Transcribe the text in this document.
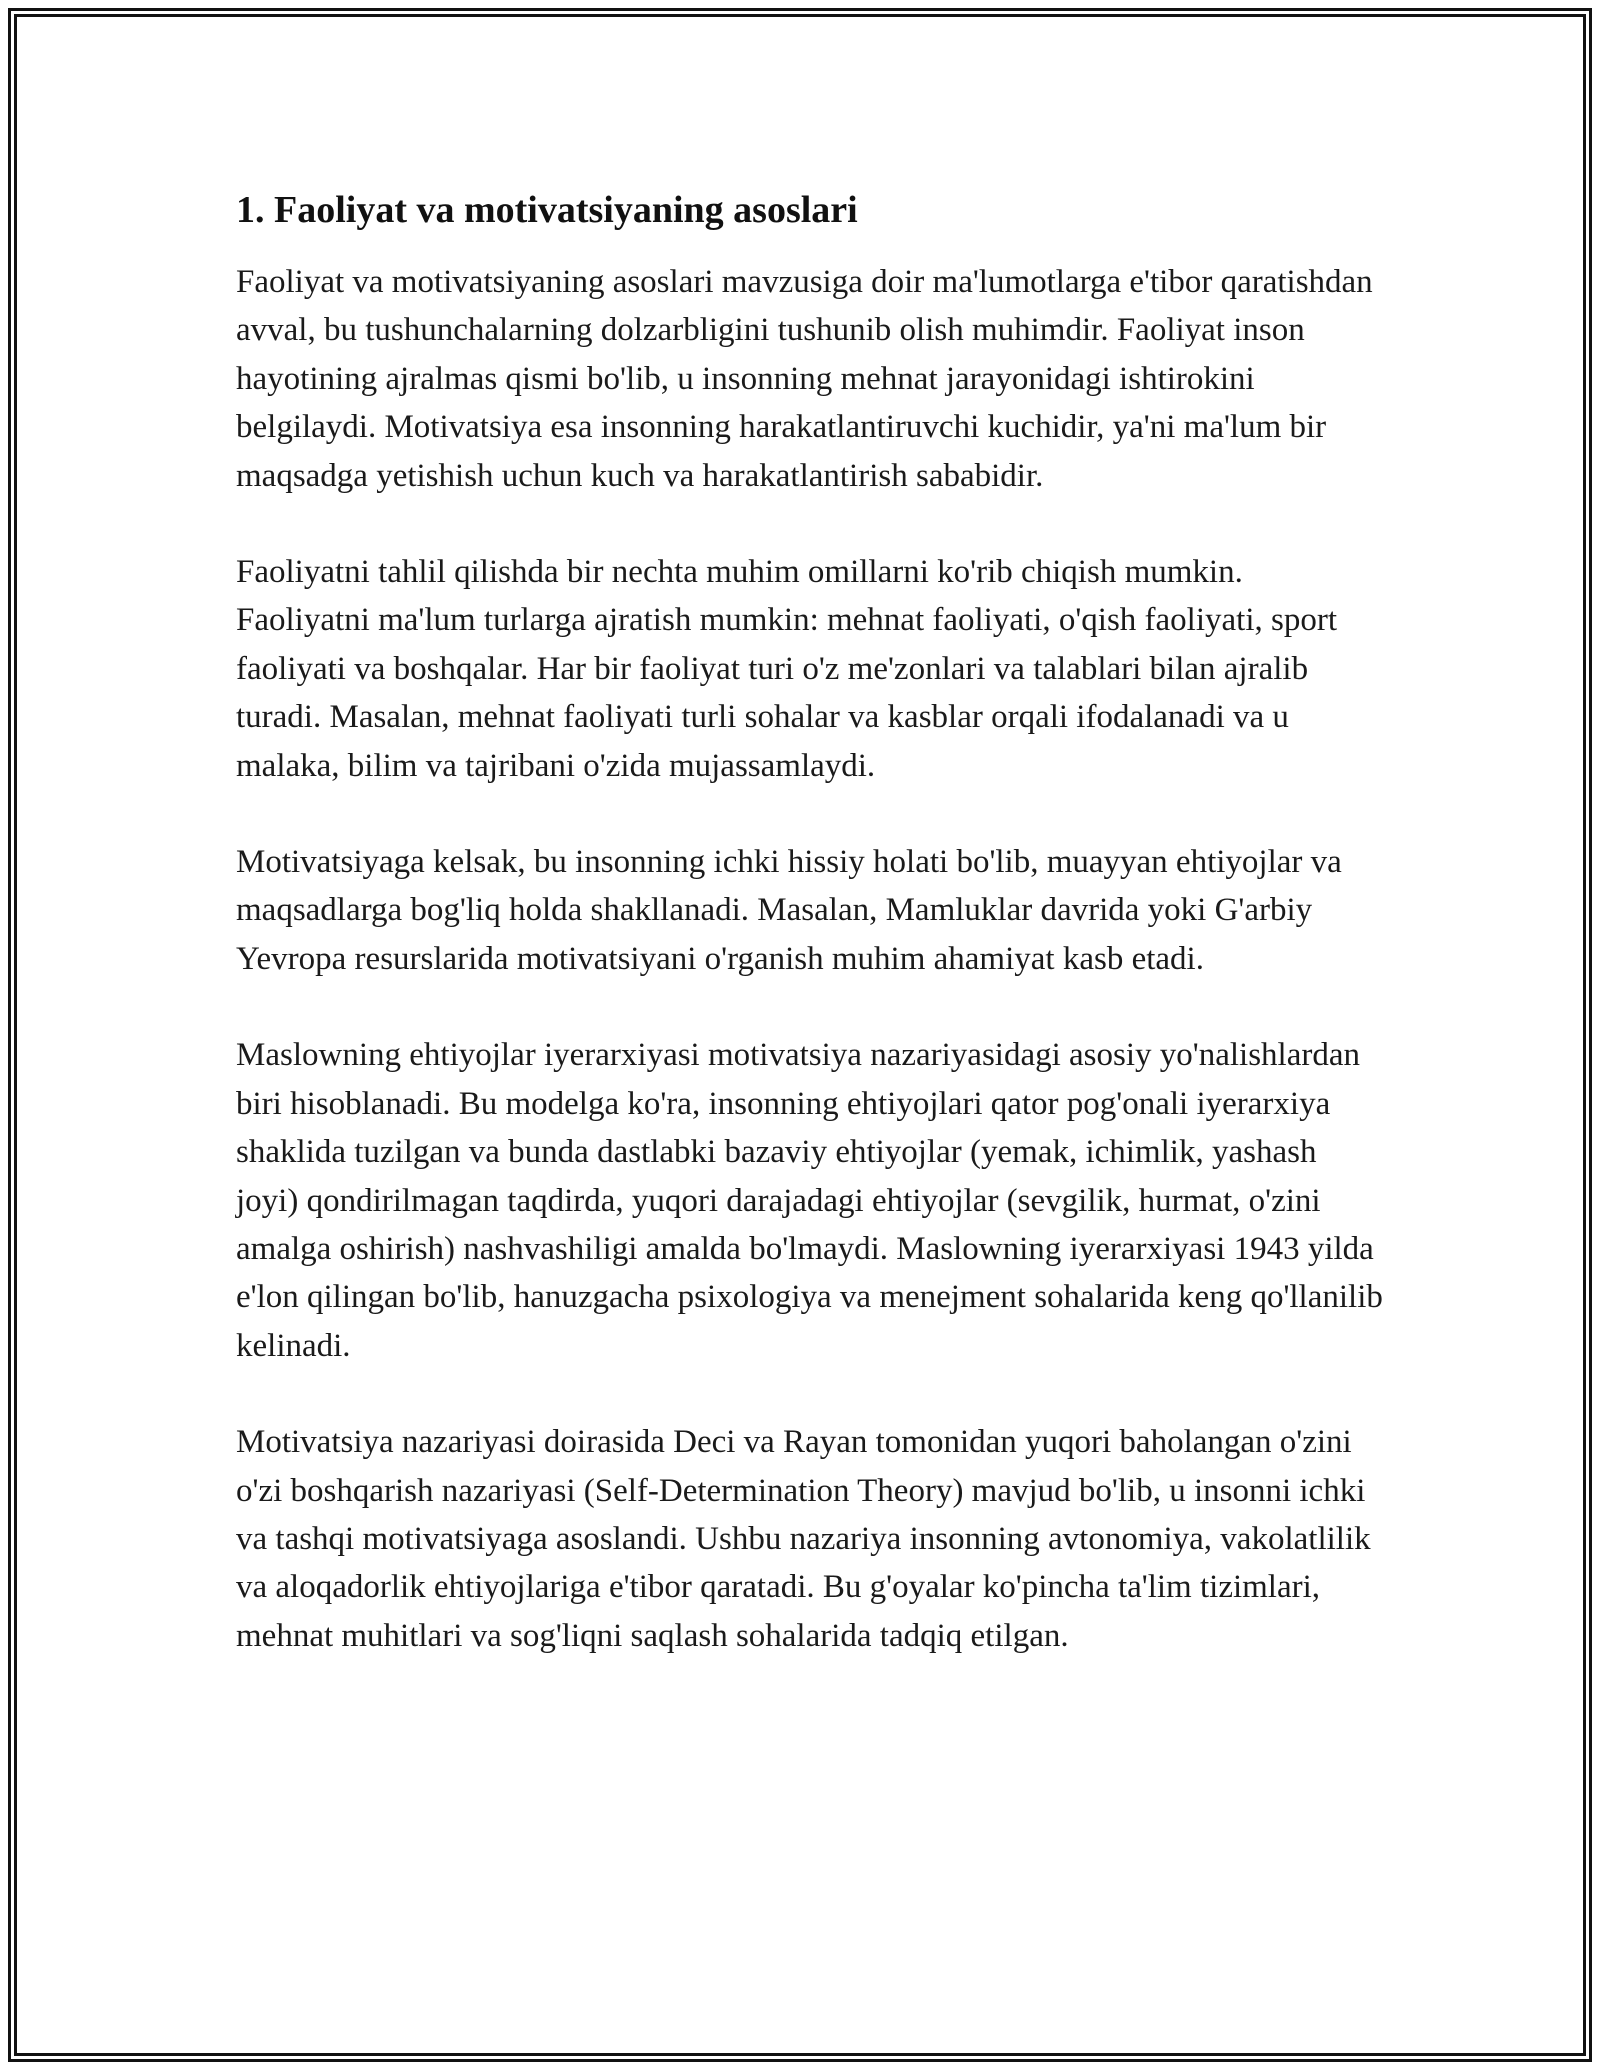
1. Faoliyat va motivatsiyaning asoslari

Faoliyat va motivatsiyaning asoslari mavzusiga doir ma'lumotlarga e'tibor qaratishdan avval, bu tushunchalarning dolzarbligini tushunib olish muhimdir. Faoliyat inson hayotining ajralmas qismi bo'lib, u insonning mehnat jarayonidagi ishtirokini belgilaydi. Motivatsiya esa insonning harakatlantiruvchi kuchidir, ya'ni ma'lum bir maqsadga yetishish uchun kuch va harakatlantirish sababidir.

Faoliyatni tahlil qilishda bir nechta muhim omillarni ko'rib chiqish mumkin. Faoliyatni ma'lum turlarga ajratish mumkin: mehnat faoliyati, o'qish faoliyati, sport faoliyati va boshqalar. Har bir faoliyat turi o'z me'zonlari va talablari bilan ajralib turadi. Masalan, mehnat faoliyati turli sohalar va kasblar orqali ifodalanadi va u malaka, bilim va tajribani o'zida mujassamlaydi.

Motivatsiyaga kelsak, bu insonning ichki hissiy holati bo'lib, muayyan ehtiyojlar va maqsadlarga bog'liq holda shakllanadi. Masalan, Mamluklar davrida yoki G'arbiy Yevropa resurslarida motivatsiyani o'rganish muhim ahamiyat kasb etadi.

Maslowning ehtiyojlar iyerarxiyasi motivatsiya nazariyasidagi asosiy yo'nalishlardan biri hisoblanadi. Bu modelga ko'ra, insonning ehtiyojlari qator pog'onali iyerarxiya shaklida tuzilgan va bunda dastlabki bazaviy ehtiyojlar (yemak, ichimlik, yashash joyi) qondirilmagan taqdirda, yuqori darajadagi ehtiyojlar (sevgilik, hurmat, o'zini amalga oshirish) nashvashiligi amalda bo'lmaydi. Maslowning iyerarxiyasi 1943 yilda e'lon qilingan bo'lib, hanuzgacha psixologiya va menejment sohalarida keng qo'llanilib kelinadi.

Motivatsiya nazariyasi doirasida Deci va Rayan tomonidan yuqori baholangan o'zini o'zi boshqarish nazariyasi (Self-Determination Theory) mavjud bo'lib, u insonni ichki va tashqi motivatsiyaga asoslandi. Ushbu nazariya insonning avtonomiya, vakolatlilik va aloqadorlik ehtiyojlariga e'tibor qaratadi. Bu g'oyalar ko'pincha ta'lim tizimlari, mehnat muhitlari va sog'liqni saqlash sohalarida tadqiq etilgan.
